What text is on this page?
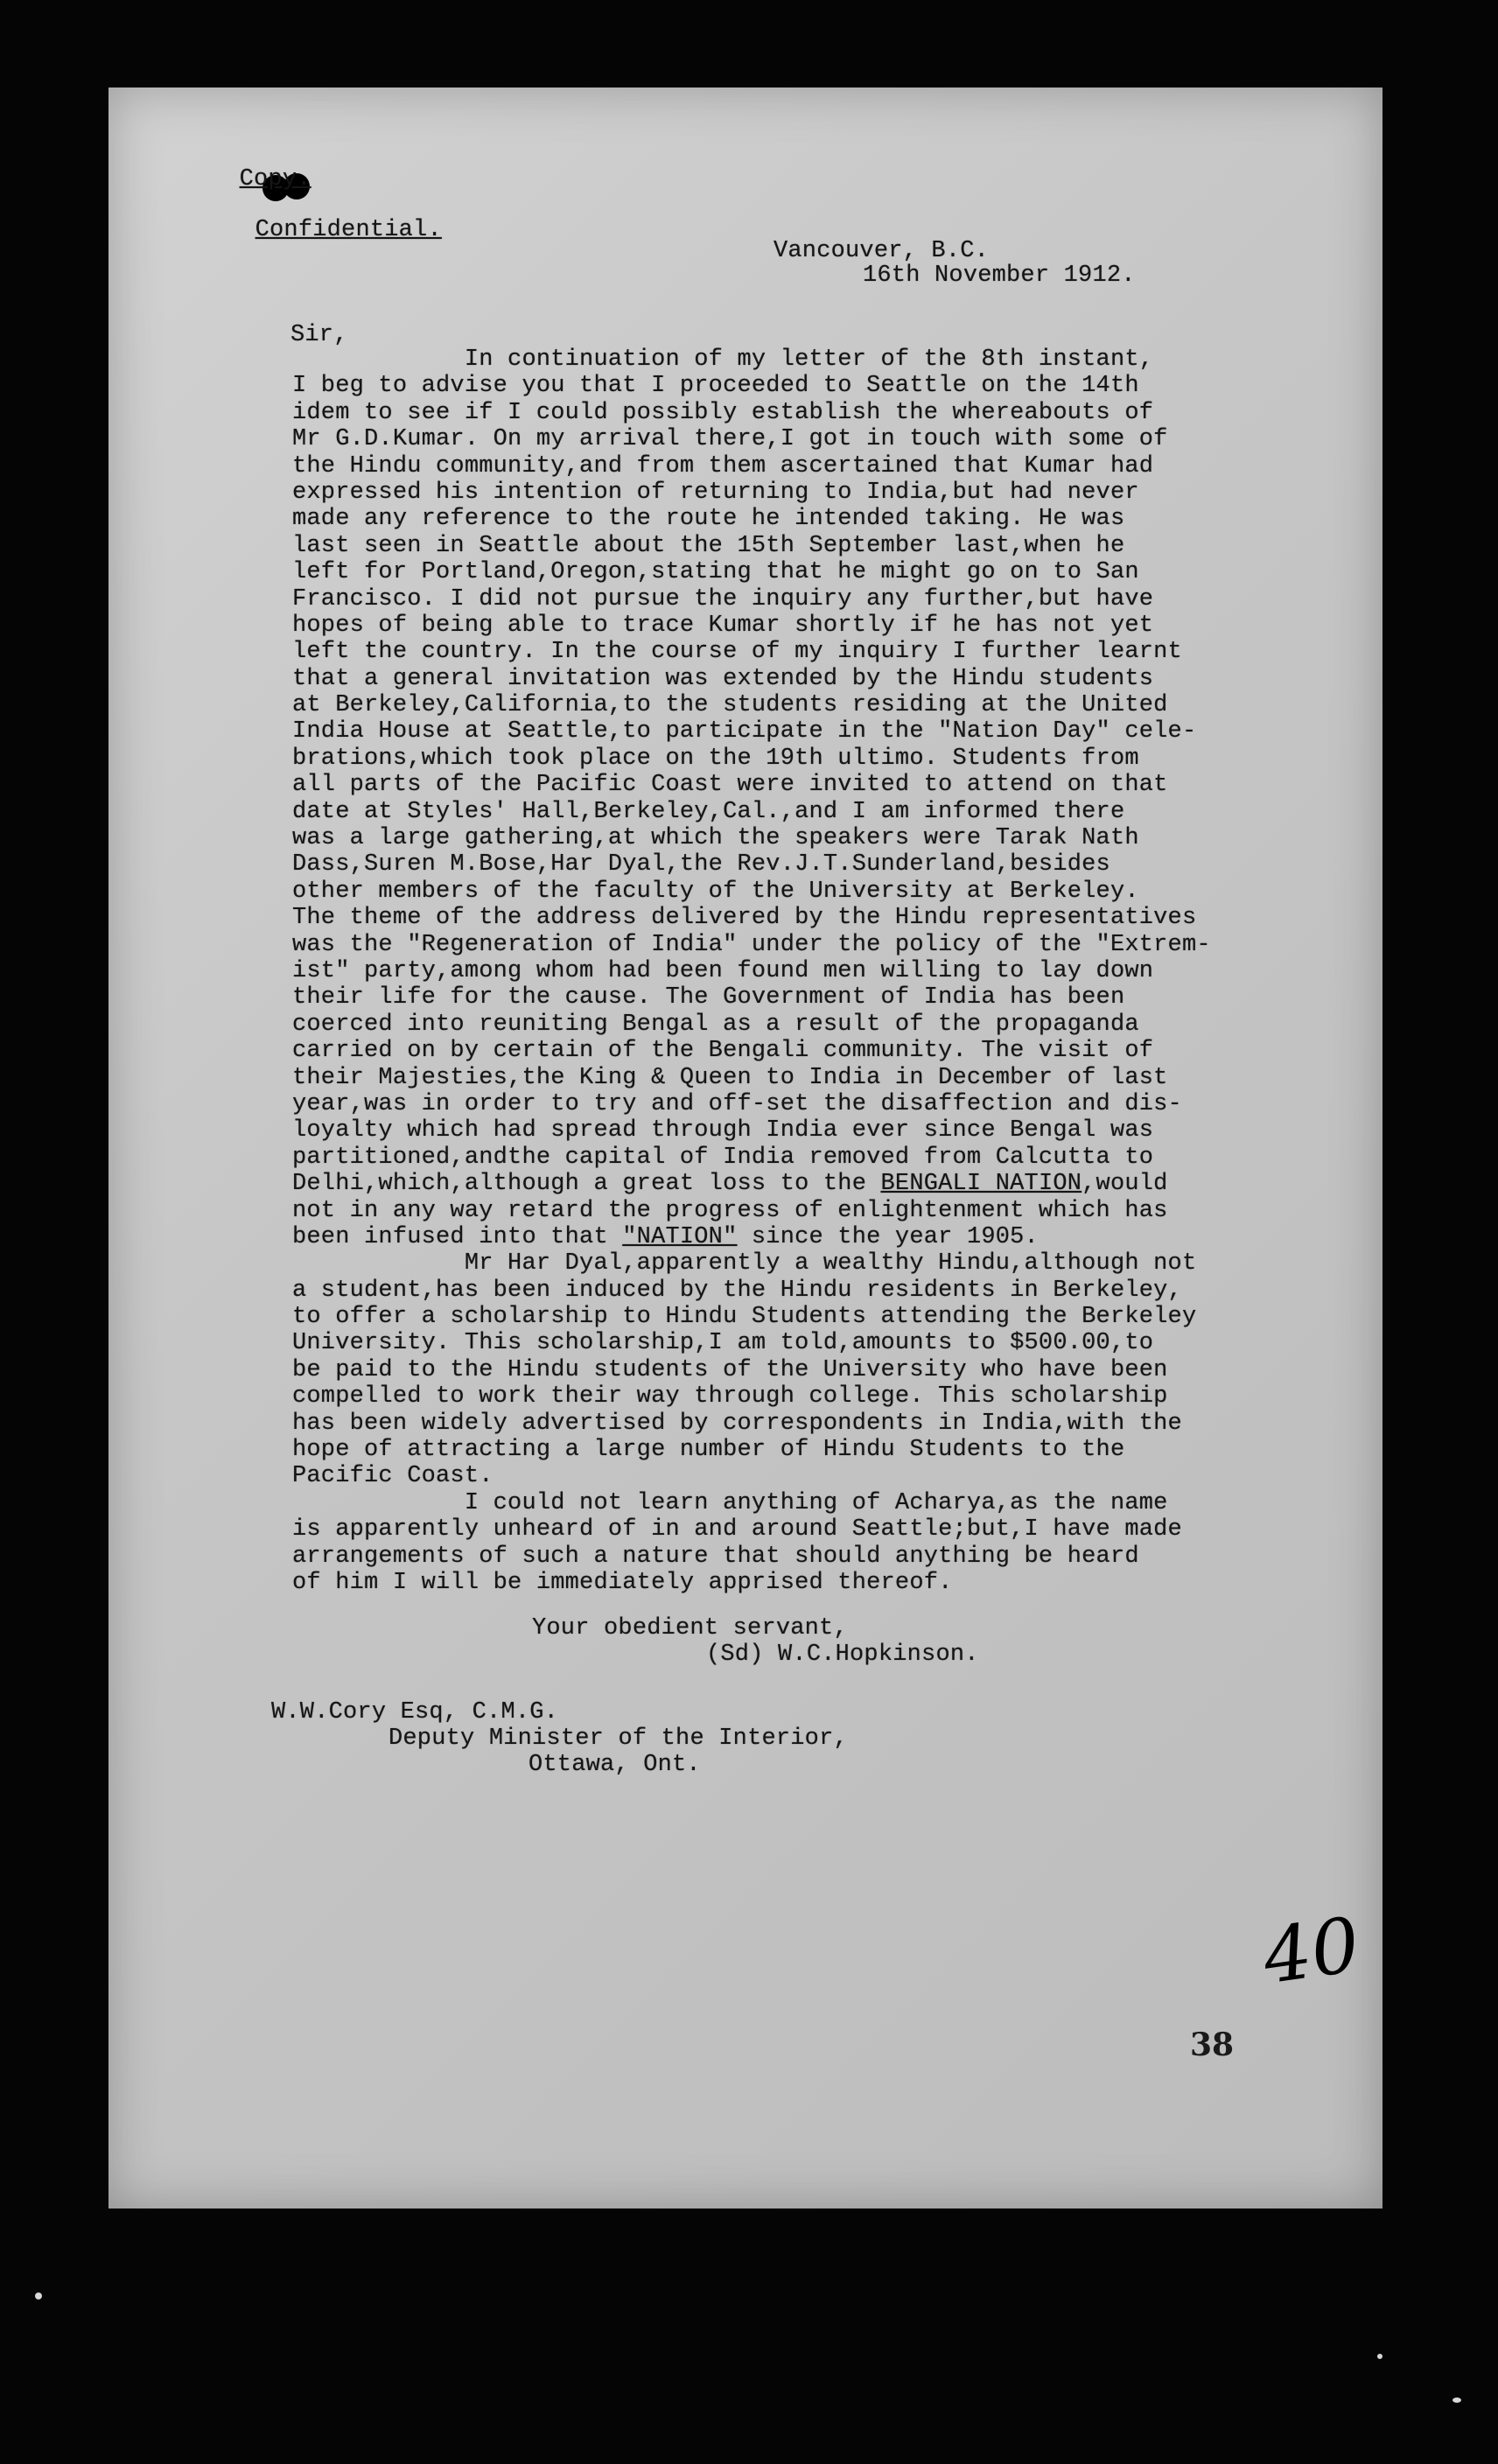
Copy.

Confidential.

Vancouver, B.C.
16th November 1912.
Sir,
In continuation of my letter of the 8th instant,
I beg to advise you that I proceeded to Seattle on the 14th
idem to see if I could possibly establish the whereabouts of
Mr G.D.Kumar. On my arrival there,I got in touch with some of
the Hindu community,and from them ascertained that Kumar had
expressed his intention of returning to India,but had never
made any reference to the route he intended taking. He was
last seen in Seattle about the 15th September last,when he
left for Portland,Oregon,stating that he might go on to San
Francisco. I did not pursue the inquiry any further,but have
hopes of being able to trace Kumar shortly if he has not yet
left the country. In the course of my inquiry I further learnt
that a general invitation was extended by the Hindu students
at Berkeley,California,to the students residing at the United
India House at Seattle,to participate in the "Nation Day" cele-
brations,which took place on the 19th ultimo. Students from
all parts of the Pacific Coast were invited to attend on that
date at Styles' Hall,Berkeley,Cal.,and I am informed there
was a large gathering,at which the speakers were Tarak Nath
Dass,Suren M.Bose,Har Dyal,the Rev.J.T.Sunderland,besides
other members of the faculty of the University at Berkeley.
The theme of the address delivered by the Hindu representatives
was the "Regeneration of India" under the policy of the "Extrem-
ist" party,among whom had been found men willing to lay down
their life for the cause. The Government of India has been
coerced into reuniting Bengal as a result of the propaganda
carried on by certain of the Bengali community. The visit of
their Majesties,the King & Queen to India in December of last
year,was in order to try and off-set the disaffection and dis-
loyalty which had spread through India ever since Bengal was
partitioned,andthe capital of India removed from Calcutta to
Delhi,which,although a great loss to the BENGALI NATION,would
not in any way retard the progress of enlightenment which has
been infused into that "NATION" since the year 1905.
Mr Har Dyal,apparently a wealthy Hindu,although not
a student,has been induced by the Hindu residents in Berkeley,
to offer a scholarship to Hindu Students attending the Berkeley
University. This scholarship,I am told,amounts to $500.00,to
be paid to the Hindu students of the University who have been
compelled to work their way through college. This scholarship
has been widely advertised by correspondents in India,with the
hope of attracting a large number of Hindu Students to the
Pacific Coast.
I could not learn anything of Acharya,as the name
is apparently unheard of in and around Seattle;but,I have made
arrangements of such a nature that should anything be heard
of him I will be immediately apprised thereof.
Your obedient servant,
(Sd) W.C.Hopkinson.
W.W.Cory Esq, C.M.G.
Deputy Minister of the Interior,
Ottawa, Ont.
40
38
